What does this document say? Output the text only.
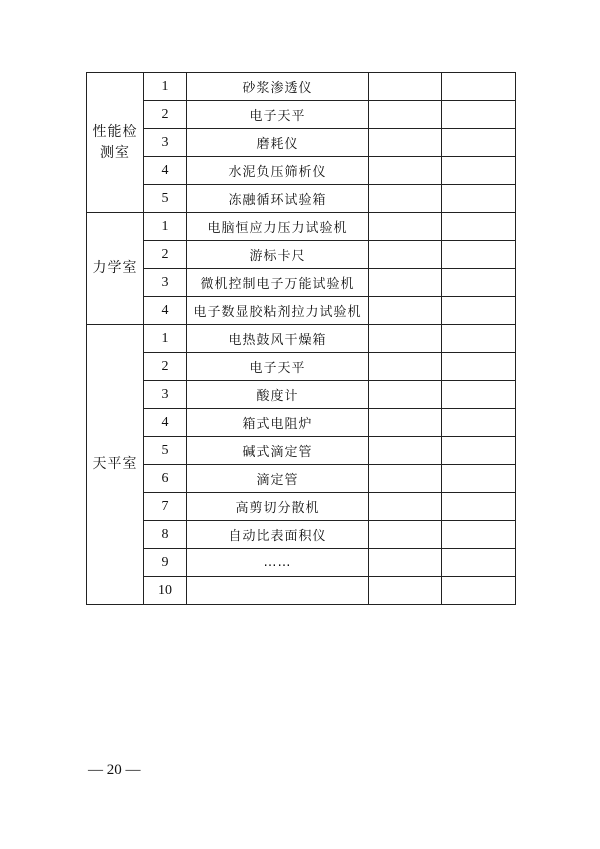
性能检测室	1	砂浆渗透仪		
	2	电子天平		
	3	磨耗仪		
	4	水泥负压筛析仪		
	5	冻融循环试验箱		
力学室	1	电脑恒应力压力试验机		
	2	游标卡尺		
	3	微机控制电子万能试验机		
	4	电子数显胶粘剂拉力试验机		
天平室	1	电热鼓风干燥箱		
	2	电子天平		
	3	酸度计		
	4	箱式电阻炉		
	5	碱式滴定管		
	6	滴定管		
	7	高剪切分散机		
	8	自动比表面积仪		
	9	……		
	10			
— 20 —
